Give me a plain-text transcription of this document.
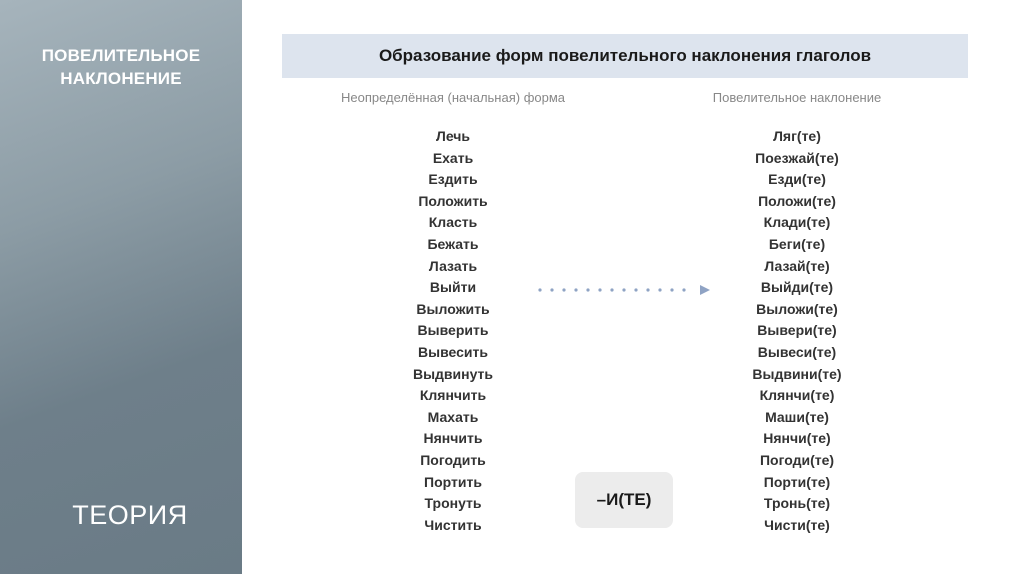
ПОВЕЛИТЕЛЬНОЕ
НАКЛОНЕНИЕ
ТЕОРИЯ
Образование форм повелительного наклонения глаголов
Неопределённая (начальная) форма	Повелительное наклонение
Лечь
Ехать
Ездить
Положить
Класть
Бежать
Лазать
Выйти
Выложить
Выверить
Вывесить
Выдвинуть
Клянчить
Махать
Нянчить
Погодить
Портить
Тронуть
Чистить
Ляг(те)
Поезжай(те)
Езди(те)
Положи(те)
Клади(те)
Беги(те)
Лазай(те)
Выйди(те)
Выложи(те)
Вывери(те)
Вывеси(те)
Выдвини(те)
Клянчи(те)
Маши(те)
Нянчи(те)
Погоди(те)
Порти(те)
Тронь(те)
Чисти(те)
–И(ТЕ)
